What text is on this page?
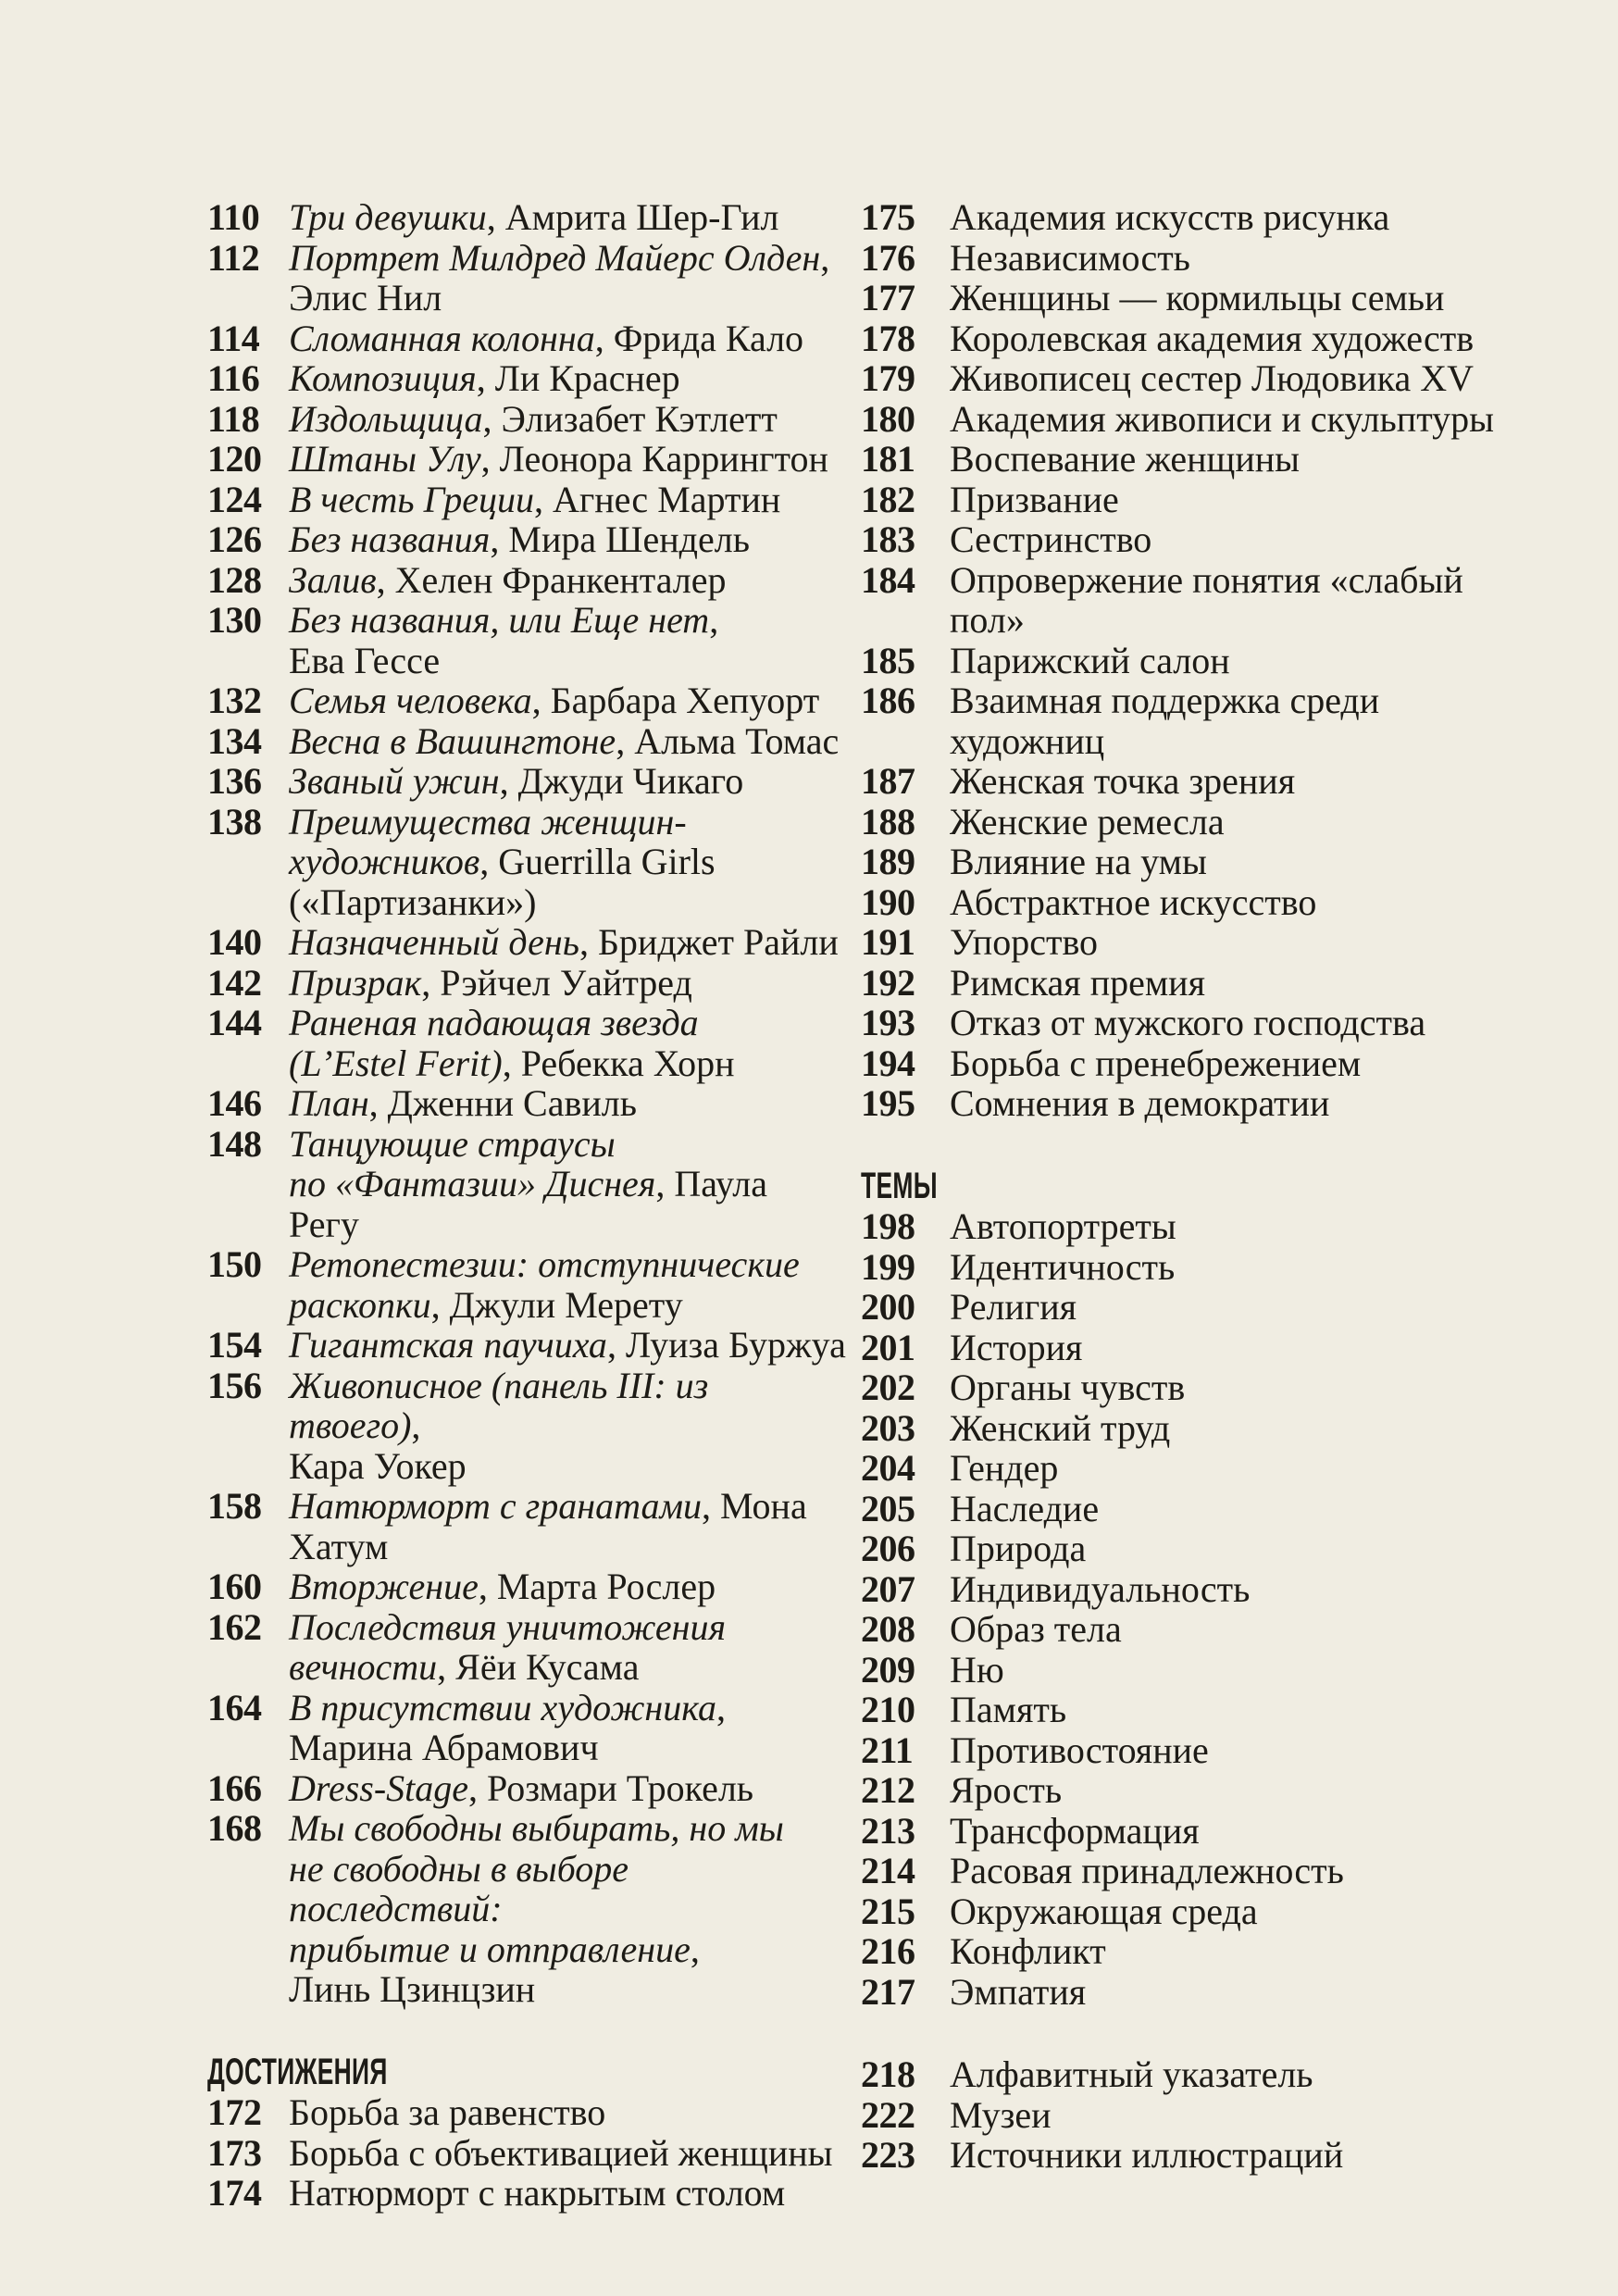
110 Три девушки, Амрита Шер-Гил
112 Портрет Милдред Майерс Олден,
Элис Нил
114 Сломанная колонна, Фрида Кало
116 Композиция, Ли Краснер
118 Издольщица, Элизабет Кэтлетт
120 Штаны Улу, Леонора Каррингтон
124 В честь Греции, Агнес Мартин
126 Без названия, Мира Шендель
128 Залив, Хелен Франкенталер
130 Без названия, или Еще нет,
Ева Гессе
132 Семья человека, Барбара Хепуорт
134 Весна в Вашингтоне, Альма Томас
136 Званый ужин, Джуди Чикаго
138 Преимущества женщин-
художников, Guerrilla Girls
(«Партизанки»)
140 Назначенный день, Бриджет Райли
142 Призрак, Рэйчел Уайтред
144 Раненая падающая звезда
(L’Estel Ferit), Ребекка Хорн
146 План, Дженни Савиль
148 Танцующие страусы
по «Фантазии» Диснея, Паула Регу
150 Ретопестезии: отступнические
раскопки, Джули Мерету
154 Гигантская паучиха, Луиза Буржуа
156 Живописное (панель III: из твоего),
Кара Уокер
158 Натюрморт с гранатами, Мона
Хатум
160 Вторжение, Марта Рослер
162 Последствия уничтожения
вечности, Яёи Кусама
164 В присутствии художника,
Марина Абрамович
166 Dress-Stage, Розмари Трокель
168 Мы свободны выбирать, но мы
не свободны в выборе последствий:
прибытие и отправление,
Линь Цзинцзин
ДОСТИЖЕНИЯ
172 Борьба за равенство
173 Борьба с объективацией женщины
174 Натюрморт с накрытым столом
175 Академия искусств рисунка
176 Независимость
177 Женщины — кормильцы семьи
178 Королевская академия художеств
179 Живописец сестер Людовика XV
180 Академия живописи и скульптуры
181 Воспевание женщины
182 Призвание
183 Сестринство
184 Опровержение понятия «слабый пол»
185 Парижский салон
186 Взаимная поддержка среди художниц
187 Женская точка зрения
188 Женские ремесла
189 Влияние на умы
190 Абстрактное искусство
191 Упорство
192 Римская премия
193 Отказ от мужского господства
194 Борьба с пренебрежением
195 Сомнения в демократии
ТЕМЫ
198 Автопортреты
199 Идентичность
200 Религия
201 История
202 Органы чувств
203 Женский труд
204 Гендер
205 Наследие
206 Природа
207 Индивидуальность
208 Образ тела
209 Ню
210 Память
211 Противостояние
212 Ярость
213 Трансформация
214 Расовая принадлежность
215 Окружающая среда
216 Конфликт
217 Эмпатия
218 Алфавитный указатель
222 Музеи
223 Источники иллюстраций
